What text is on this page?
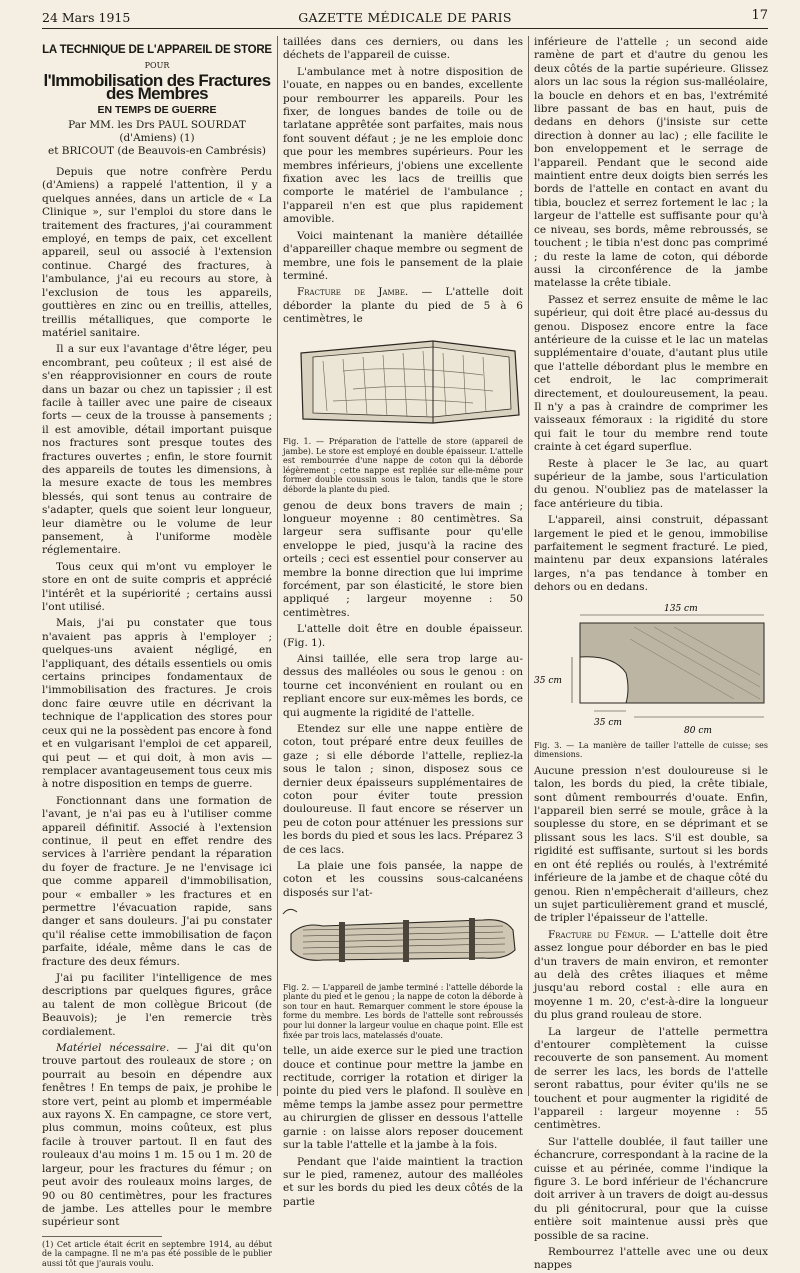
24 Mars 1915	GAZETTE MÉDICALE DE PARIS	17
LA TECHNIQUE DE L'APPAREIL DE STORE
POUR
l'Immobilisation des Fractures des Membres
EN TEMPS DE GUERRE
Par MM. les Drs PAUL SOURDAT (d'Amiens) (1)
et BRICOUT (de Beauvois-en Cambrésis)

Depuis que notre confrère Perdu (d'Amiens) a rappelé l'attention, il y a quelques années, dans un article de « La Clinique », sur l'emploi du store dans le traitement des fractures, j'ai couramment employé, en temps de paix, cet excellent appareil, seul ou associé à l'extension continue. Chargé des fractures, à l'ambulance, j'ai eu recours au store, à l'exclusion de tous les appareils, gouttières en zinc ou en treillis, attelles, treillis métalliques, que comporte le matériel sanitaire.

Il a sur eux l'avantage d'être léger, peu encombrant, peu coûteux ; il est aisé de s'en réapprovisionner en cours de route dans un bazar ou chez un tapissier ; il est facile à tailler avec une paire de ciseaux forts — ceux de la trousse à pansements ; il est amovible, détail important puisque nos fractures sont presque toutes des fractures ouvertes ; enfin, le store fournit des appareils de toutes les dimensions, à la mesure exacte de tous les membres blessés, qui sont tenus au contraire de s'adapter, quels que soient leur longueur, leur diamètre ou le volume de leur pansement, à l'uniforme modèle réglementaire.

Tous ceux qui m'ont vu employer le store en ont de suite compris et apprécié l'intérêt et la supériorité ; certains aussi l'ont utilisé.

Mais, j'ai pu constater que tous n'avaient pas appris à l'employer ; quelques-uns avaient négligé, en l'appliquant, des détails essentiels ou omis certains principes fondamentaux de l'immobilisation des fractures. Je crois donc faire œuvre utile en décrivant la technique de l'application des stores pour ceux qui ne la possèdent pas encore à fond et en vulgarisant l'emploi de cet appareil, qui peut — et qui doit, à mon avis — remplacer avantageusement tous ceux mis à notre disposition en temps de guerre.

Fonctionnant dans une formation de l'avant, je n'ai pas eu à l'utiliser comme appareil définitif. Associé à l'extension continue, il peut en effet rendre des services à l'arrière pendant la réparation du foyer de fracture. Je ne l'envisage ici que comme appareil d'immobilisation, pour « emballer » les fractures et en permettre l'évacuation rapide, sans danger et sans douleurs. J'ai pu constater qu'il réalise cette immobilisation de façon parfaite, idéale, même dans le cas de fracture des deux fémurs.

J'ai pu faciliter l'intelligence de mes descriptions par quelques figures, grâce au talent de mon collègue Bricout (de Beauvois); je l'en remercie très cordialement.

Matériel nécessaire. — J'ai dit qu'on trouve partout des rouleaux de store ; on pourrait au besoin en dépendre aux fenêtres ! En temps de paix, je prohibe le store vert, peint au plomb et imperméable aux rayons X. En campagne, ce store vert, plus commun, moins coûteux, est plus facile à trouver partout. Il en faut des rouleaux d'au moins 1 m. 15 ou 1 m. 20 de largeur, pour les fractures du fémur ; on peut avoir des rouleaux moins larges, de 90 ou 80 centimètres, pour les fractures de jambe. Les attelles pour le membre supérieur sont

(1) Cet article était écrit en septembre 1914, au début de la campagne. Il ne m'a pas été possible de le publier aussi tôt que j'aurais voulu.

taillées dans ces derniers, ou dans les déchets de l'appareil de cuisse.

L'ambulance met à notre disposition de l'ouate, en nappes ou en bandes, excellente pour rembourrer les appareils. Pour les fixer, de longues bandes de toile ou de tarlatane apprêtée sont parfaites, mais nous font souvent défaut ; je ne les emploie donc que pour les membres supérieurs. Pour les membres inférieurs, j'obiens une excellente fixation avec les lacs de treillis que comporte le matériel de l'ambulance ; l'appareil n'en est que plus rapidement amovible.

Voici maintenant la manière détaillée d'appareiller chaque membre ou segment de membre, une fois le pansement de la plaie terminé.

Fracture de Jambe. — L'attelle doit déborder la plante du pied de 5 à 6 centimètres, le

Fig. 1. — Préparation de l'attelle de store (appareil de jambe). Le store est employé en double épaisseur. L'attelle est rembourrée d'une nappe de coton qui la déborde légèrement ; cette nappe est repliée sur elle-même pour former double coussin sous le talon, tandis que le store déborde la plante du pied.

genou de deux bons travers de main ; longueur moyenne : 80 centimètres. Sa largeur sera suffisante pour qu'elle enveloppe le pied, jusqu'à la racine des orteils ; ceci est essentiel pour conserver au membre la bonne direction que lui imprime forcément, par son élasticité, le store bien appliqué ; largeur moyenne : 50 centimètres.

L'attelle doit être en double épaisseur. (Fig. 1).

Ainsi taillée, elle sera trop large au-dessus des malléoles ou sous le genou : on tourne cet inconvénient en roulant ou en repliant encore sur eux-mêmes les bords, ce qui augmente la rigidité de l'attelle.

Etendez sur elle une nappe entière de coton, tout préparé entre deux feuilles de gaze ; si elle déborde l'attelle, repliez-la sous le talon ; sinon, disposez sous ce dernier deux épaisseurs supplémentaires de coton pour éviter toute pression douloureuse. Il faut encore se réserver un peu de coton pour atténuer les pressions sur les bords du pied et sous les lacs. Préparez 3 de ces lacs.

La plaie une fois pansée, la nappe de coton et les coussins sous-calcanéens disposés sur l'at-

Fig. 2. — L'appareil de jambe terminé : l'attelle déborde la plante du pied et le genou ; la nappe de coton la déborde à son tour en haut. Remarquer comment le store épouse la forme du membre. Les bords de l'attelle sont rebroussés pour lui donner la largeur voulue en chaque point. Elle est fixée par trois lacs, matelassés d'ouate.

telle, un aide exerce sur le pied une traction douce et continue pour mettre la jambe en rectitude, corriger la rotation et diriger la pointe du pied vers le plafond. Il soulève en même temps la jambe assez pour permettre au chirurgien de glisser en dessous l'attelle garnie : on laisse alors reposer doucement sur la table l'attelle et la jambe à la fois.

Pendant que l'aide maintient la traction sur le pied, ramenez, autour des malléoles et sur les bords du pied les deux côtés de la partie

inférieure de l'attelle ; un second aide ramène de part et d'autre du genou les deux côtés de la partie supérieure. Glissez alors un lac sous la région sus-malléolaire, la boucle en dehors et en bas, l'extrémité libre passant de bas en haut, puis de dedans en dehors (j'insiste sur cette direction à donner au lac) ; elle facilite le bon enveloppement et le serrage de l'appareil. Pendant que le second aide maintient entre deux doigts bien serrés les bords de l'attelle en contact en avant du tibia, bouclez et serrez fortement le lac ; la largeur de l'attelle est suffisante pour qu'à ce niveau, ses bords, même rebroussés, se touchent ; le tibia n'est donc pas comprimé ; du reste la lame de coton, qui déborde aussi la circonférence de la jambe matelasse la crête tibiale.

Passez et serrez ensuite de même le lac supérieur, qui doit être placé au-dessus du genou. Disposez encore entre la face antérieure de la cuisse et le lac un matelas supplémentaire d'ouate, d'autant plus utile que l'attelle débordant plus le membre en cet endroit, le lac comprimerait directement, et douloureusement, la peau. Il n'y a pas à craindre de comprimer les vaisseaux fémoraux : la rigidité du store qui fait le tour du membre rend toute crainte à cet égard superflue.

Reste à placer le 3e lac, au quart supérieur de la jambe, sous l'articulation du genou. N'oubliez pas de matelasser la face antérieure du tibia.

L'appareil, ainsi construit, dépassant largement le pied et le genou, immobilise parfaitement le segment fracturé. Le pied, maintenu par deux expansions latérales larges, n'a pas tendance à tomber en dehors ou en dedans.

135 cm
35 cm
35 cm
80 cm
Fig. 3. — La manière de tailler l'attelle de cuisse; ses dimensions.

Aucune pression n'est douloureuse si le talon, les bords du pied, la crête tibiale, sont dûment rembourrés d'ouate. Enfin, l'appareil bien serré se moule, grâce à la souplesse du store, en se déprimant et se plissant sous les lacs. S'il est double, sa rigidité est suffisante, surtout si les bords en ont été repliés ou roulés, à l'extrémité inférieure de la jambe et de chaque côté du genou. Rien n'empêcherait d'ailleurs, chez un sujet particulièrement grand et musclé, de tripler l'épaisseur de l'attelle.

Fracture du Fémur. — L'attelle doit être assez longue pour déborder en bas le pied d'un travers de main environ, et remonter au delà des crêtes iliaques et même jusqu'au rebord costal : elle aura en moyenne 1 m. 20, c'est-à-dire la longueur du plus grand rouleau de store.

La largeur de l'attelle permettra d'entourer complètement la cuisse recouverte de son pansement. Au moment de serrer les lacs, les bords de l'attelle seront rabattus, pour éviter qu'ils ne se touchent et pour augmenter la rigidité de l'appareil : largeur moyenne : 55 centimètres.

Sur l'attelle doublée, il faut tailler une échancrure, correspondant à la racine de la cuisse et au périnée, comme l'indique la figure 3. Le bord inférieur de l'échancrure doit arriver à un travers de doigt au-dessus du pli génitocrural, pour que la cuisse entière soit maintenue aussi près que possible de sa racine.

Rembourrez l'attelle avec une ou deux nappes
